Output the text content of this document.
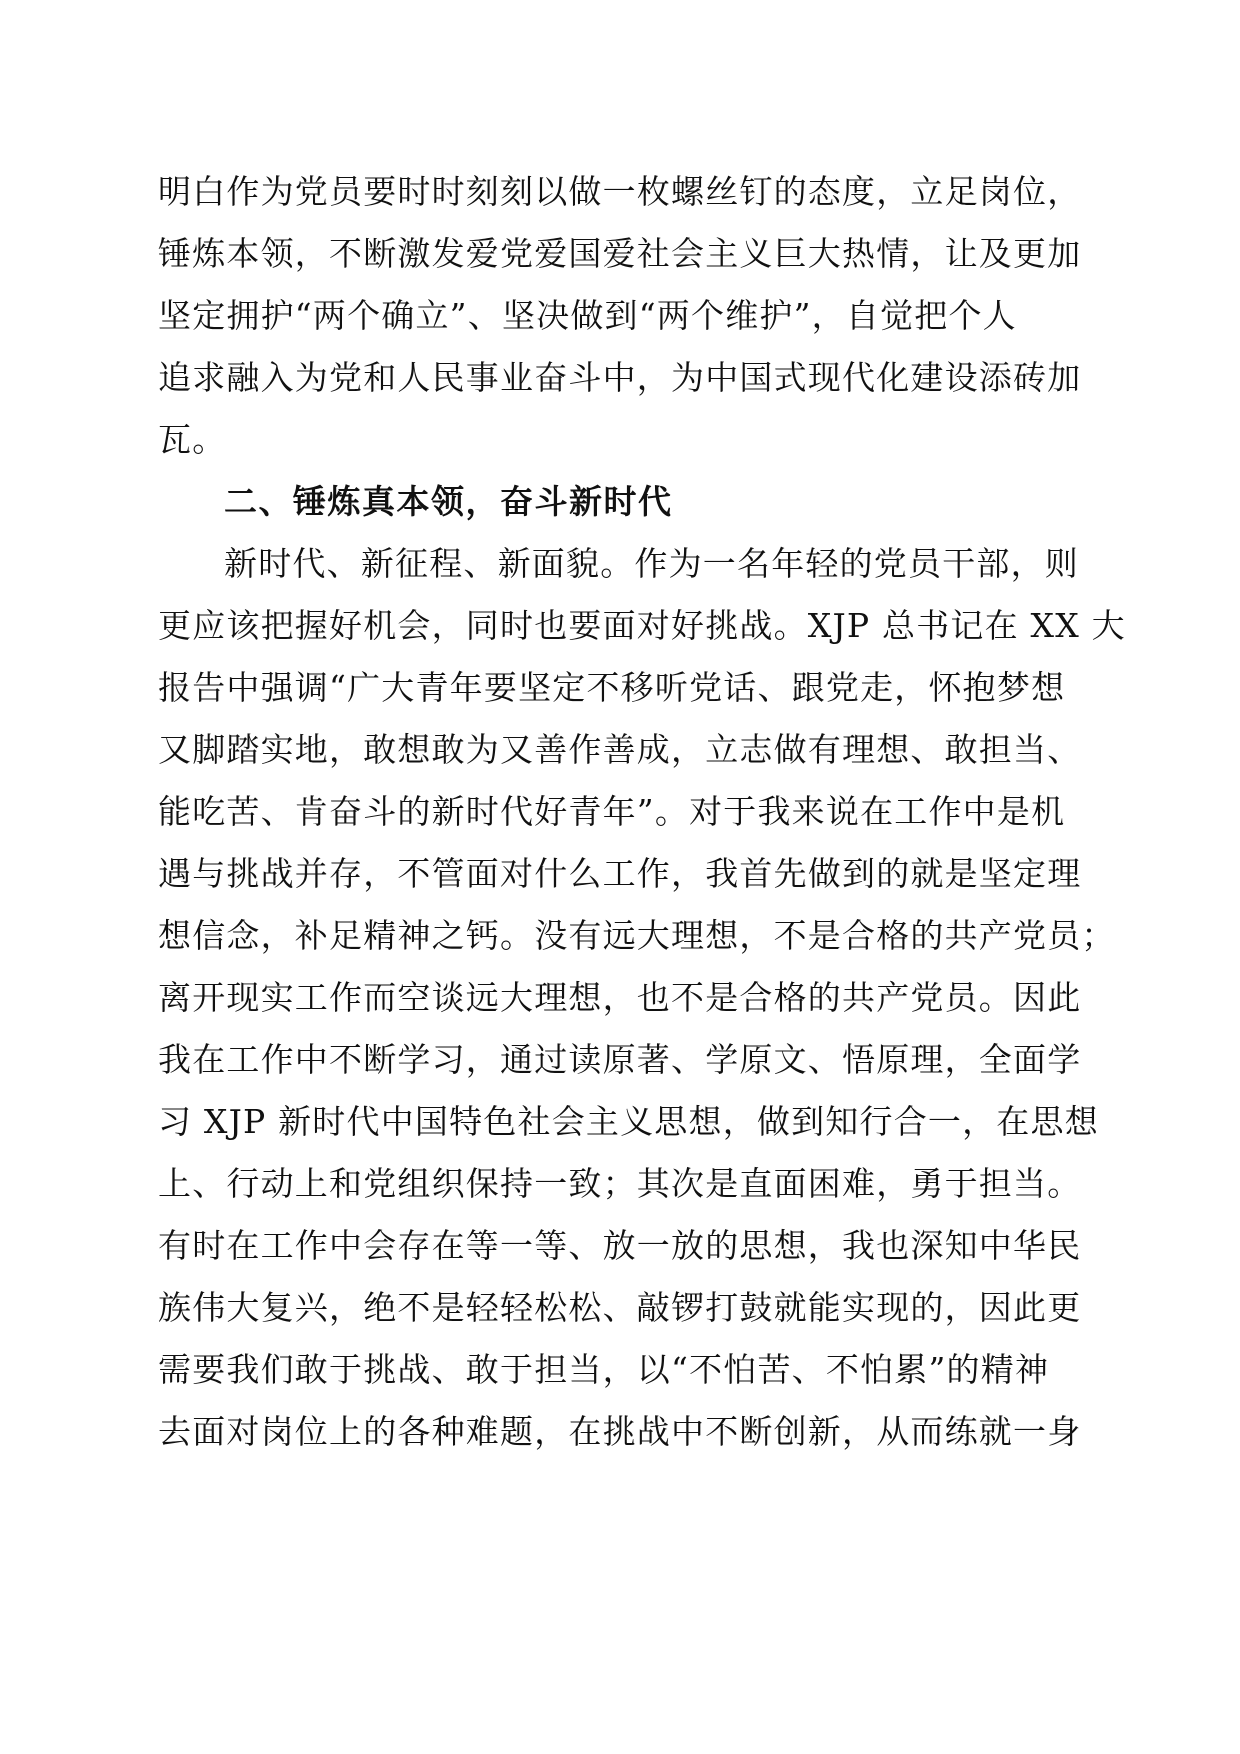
明白作为党员要时时刻刻以做一枚螺丝钉的态度，立足岗位，
锤炼本领，不断激发爱党爱国爱社会主义巨大热情，让及更加
坚定拥护“两个确立”、坚决做到“两个维护”，自觉把个人
追求融入为党和人民事业奋斗中，为中国式现代化建设添砖加
瓦。
二、锤炼真本领，奋斗新时代
新时代、新征程、新面貌。作为一名年轻的党员干部，则
更应该把握好机会，同时也要面对好挑战。XJP 总书记在 XX 大
报告中强调“广大青年要坚定不移听党话、跟党走，怀抱梦想
又脚踏实地，敢想敢为又善作善成，立志做有理想、敢担当、
能吃苦、肯奋斗的新时代好青年”。对于我来说在工作中是机
遇与挑战并存，不管面对什么工作，我首先做到的就是坚定理
想信念，补足精神之钙。没有远大理想，不是合格的共产党员；
离开现实工作而空谈远大理想，也不是合格的共产党员。因此
我在工作中不断学习，通过读原著、学原文、悟原理，全面学
习 XJP 新时代中国特色社会主义思想，做到知行合一，在思想
上、行动上和党组织保持一致；其次是直面困难，勇于担当。
有时在工作中会存在等一等、放一放的思想，我也深知中华民
族伟大复兴，绝不是轻轻松松、敲锣打鼓就能实现的，因此更
需要我们敢于挑战、敢于担当，以“不怕苦、不怕累”的精神
去面对岗位上的各种难题，在挑战中不断创新，从而练就一身
